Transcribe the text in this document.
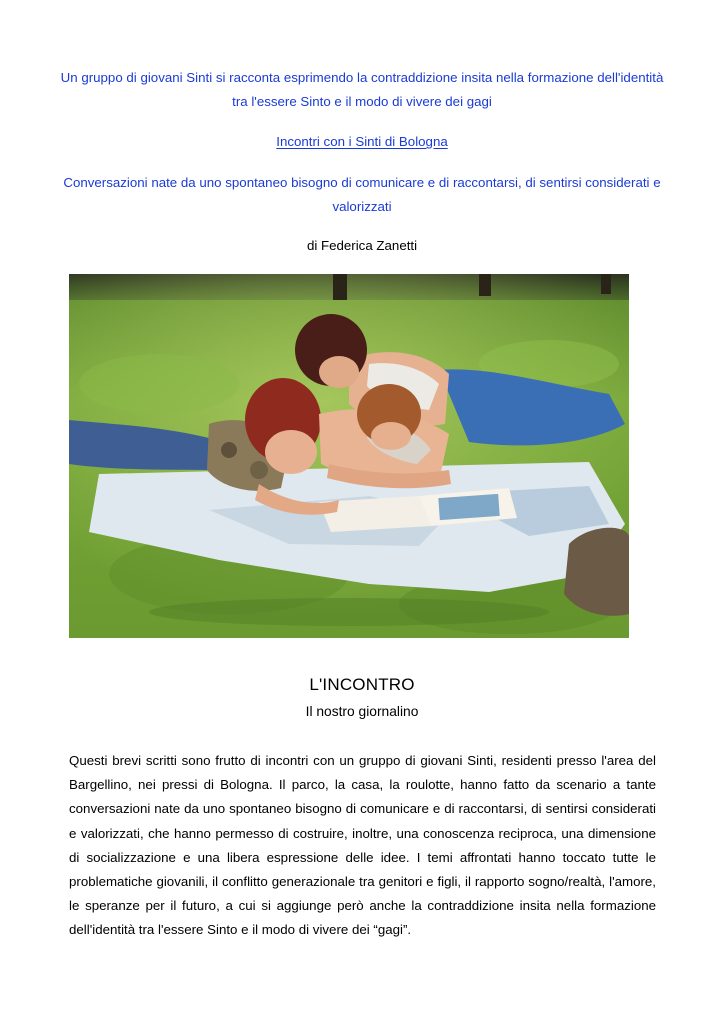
Un gruppo di giovani Sinti si racconta esprimendo la contraddizione insita nella formazione dell'identità tra l'essere Sinto e il modo di vivere dei gagi
Incontri con i Sinti di Bologna
Conversazioni nate da uno spontaneo bisogno di comunicare e di raccontarsi, di sentirsi considerati e valorizzati
di Federica Zanetti
L'INCONTRO
Il nostro giornalino
Questi brevi scritti sono frutto di incontri con un gruppo di giovani Sinti, residenti presso l'area del Bargellino, nei pressi di Bologna. Il parco, la casa, la roulotte, hanno fatto da scenario a tante conversazioni nate da uno spontaneo bisogno di comunicare e di raccontarsi, di sentirsi considerati e valorizzati, che hanno permesso di costruire, inoltre, una conoscenza reciproca, una dimensione di socializzazione e una libera espressione delle idee. I temi affrontati hanno toccato tutte le problematiche giovanili, il conflitto generazionale tra genitori e figli, il rapporto sogno/realtà, l'amore, le speranze per il futuro, a cui si aggiunge però anche la contraddizione insita nella formazione dell'identità tra l'essere Sinto e il modo di vivere dei “gagi”.
